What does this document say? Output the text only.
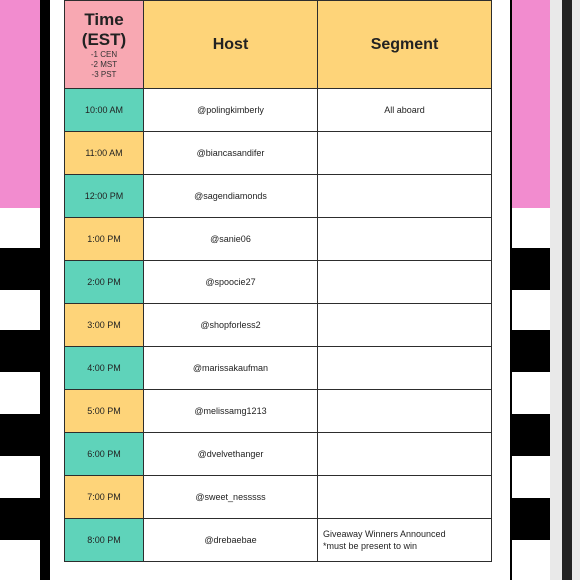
Time
(EST)
-1 CEN
-2 MST
-3 PST	Host	Segment
10:00 AM	@polingkimberly	All aboard
11:00 AM	@biancasandifer	
12:00 PM	@sagendiamonds	
1:00 PM	@sanie06	
2:00 PM	@spoocie27	
3:00 PM	@shopforless2	
4:00 PM	@marissakaufman	
5:00 PM	@melissamg1213	
6:00 PM	@dvelvethanger	
7:00 PM	@sweet_nesssss	
8:00 PM	@drebaebae	Giveaway Winners Announced
*must be present to win
